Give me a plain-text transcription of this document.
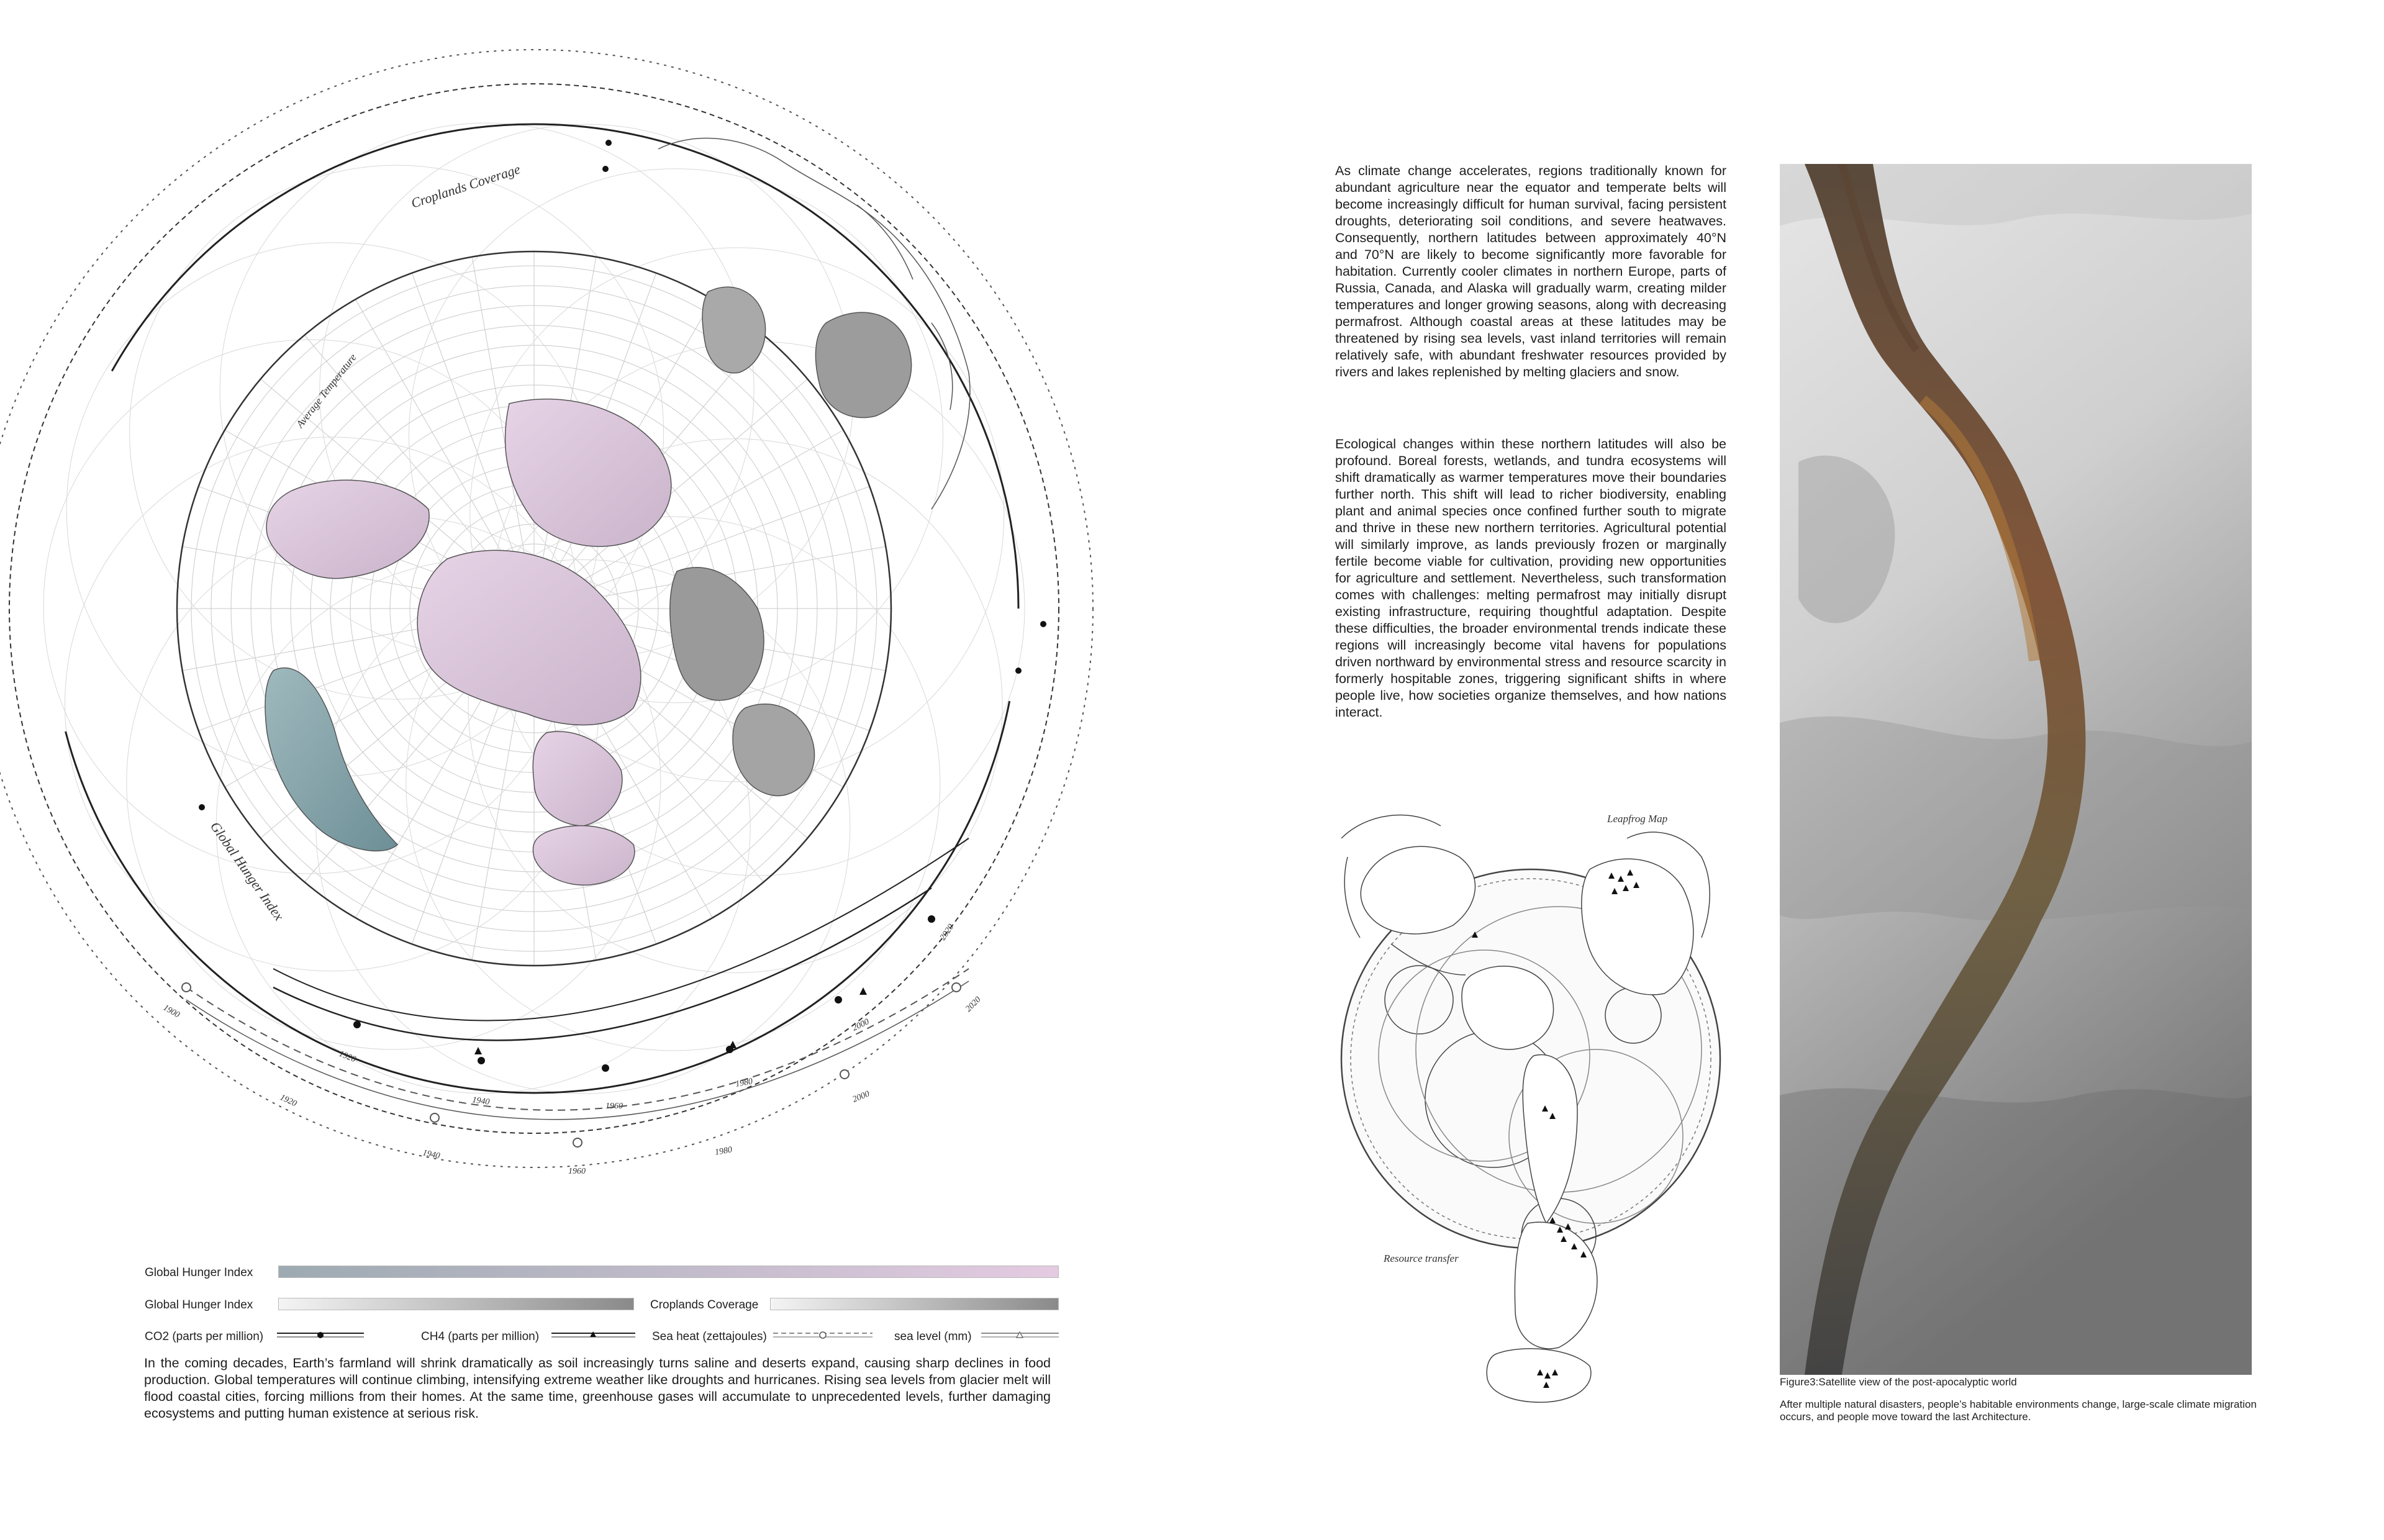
Croplands Coverage
Average Temperature
Global Hunger Index
1900
1920
1940
1960
1980
2000
2020
1920
1940	1960
1980
2000
2020
Global Hunger Index
Global Hunger Index	Croplands Coverage
CO2 (parts per million)	CH4 (parts per million)	Sea heat (zettajoules)	sea level (mm)
In the coming decades, Earth’s farmland will shrink dramatically as soil increasingly turns saline and deserts expand, causing sharp declines in food production. Global temperatures will continue climbing, intensifying extreme weather like droughts and hurricanes. Rising sea levels from glacier melt will flood coastal cities, forcing millions from their homes. At the same time, greenhouse gases will accumulate to unprecedented levels, further damaging ecosystems and putting human existence at serious risk.
As climate change accelerates, regions traditionally known for abundant agriculture near the equator and temperate belts will become increasingly difficult for human survival, facing persistent droughts, deteriorating soil conditions, and severe heatwaves. Consequently, northern latitudes between approximately 40°N and 70°N are likely to become significantly more favorable for habitation. Currently cooler climates in northern Europe, parts of Russia, Canada, and Alaska will gradually warm, creating milder temperatures and longer growing seasons, along with decreasing permafrost. Although coastal areas at these latitudes may be threatened by rising sea levels, vast inland territories will remain relatively safe, with abundant freshwater resources provided by rivers and lakes replenished by melting glaciers and snow.
Ecological changes within these northern latitudes will also be profound. Boreal forests, wetlands, and tundra ecosystems will shift dramatically as warmer temperatures move their boundaries further north. This shift will lead to richer biodiversity, enabling plant and animal species once confined further south to migrate and thrive in these new northern territories. Agricultural potential will similarly improve, as lands previously frozen or marginally fertile become viable for cultivation, providing new opportunities for agriculture and settlement. Nevertheless, such transformation comes with challenges: melting permafrost may initially disrupt existing infrastructure, requiring thoughtful adaptation. Despite these difficulties, the broader environmental trends indicate these regions will increasingly become vital havens for populations driven northward by environmental stress and resource scarcity in formerly hospitable zones, triggering significant shifts in where people live, how societies organize themselves, and how nations interact.
Leapfrog Map
Resource transfer
Figure3:Satellite view of the post-apocalyptic world
After multiple natural disasters, people’s habitable environments change, large-scale climate migration occurs, and people move toward the last Architecture.
